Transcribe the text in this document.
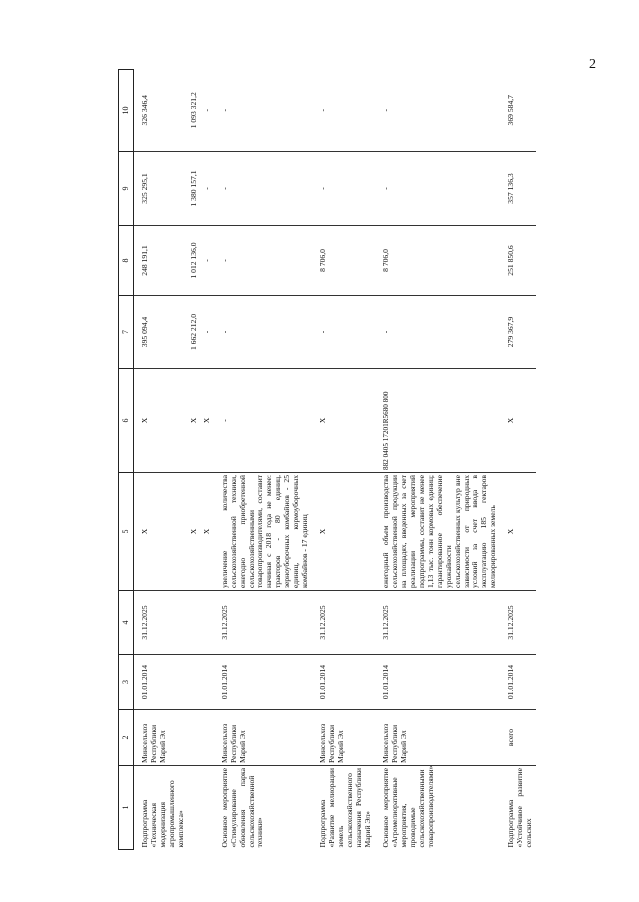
2
1	2	3	4	5	6	7	8	9	10
Подпрограмма «Техническая модернизация агропромышленного комплекса»	Минсельхоз Республики Марий Эл	01.01.2014	31.12.2025	X	X	395 094,4	248 191,1	325 295,1	326 346,4
				X	X	1 662 212,0	1 012 136,0	1 380 157,1	1 093 321,2
				X	X	-	-	-	-
Основное мероприятие «Стимулирование обновления парка сельскохозяйственной техники»	Минсельхоз Республики Марий Эл	01.01.2014	31.12.2025	увеличение количества сельскохозяйственной техники, ежегодно приобретенной сельскохозяйственными товаропроизводителями, составит начиная с 2018 года не менее: тракторов - 80 единиц, зерноуборочных комбайнов - 25 единиц, кормоуборочных комбайнов - 17 единиц	-	-	-	-	-
Подпрограмма «Развитие мелиорации земель сельскохозяйственного назначения Республики Марий Эл»	Минсельхоз Республики Марий Эл	01.01.2014	31.12.2025	X	X	-	8 706,0	-	-
Основное мероприятие «Агромелиоративные мероприятия, проводимые сельскохозяйственными товаропроизводителями»	Минсельхоз Республики Марий Эл	01.01.2014	31.12.2025	ежегодный объем производства сельскохозяйственной продукции на площадях, введенных за счет реализации мероприятий подпрограммы, составит не менее 1,13 тыс. тонн кормовых единиц; гарантированное обеспечение урожайности сельскохозяйственных культур вне зависимости от природных условий за счет ввода в эксплуатацию 185 гектаров мелиорированных земель	882 0405 17201R5680 800	-	8 706,0	-	-
Подпрограмма «Устойчивое развитие сельских	всего	01.01.2014	31.12.2025	X	X	279 367,9	251 850,6	357 136,3	369 584,7
